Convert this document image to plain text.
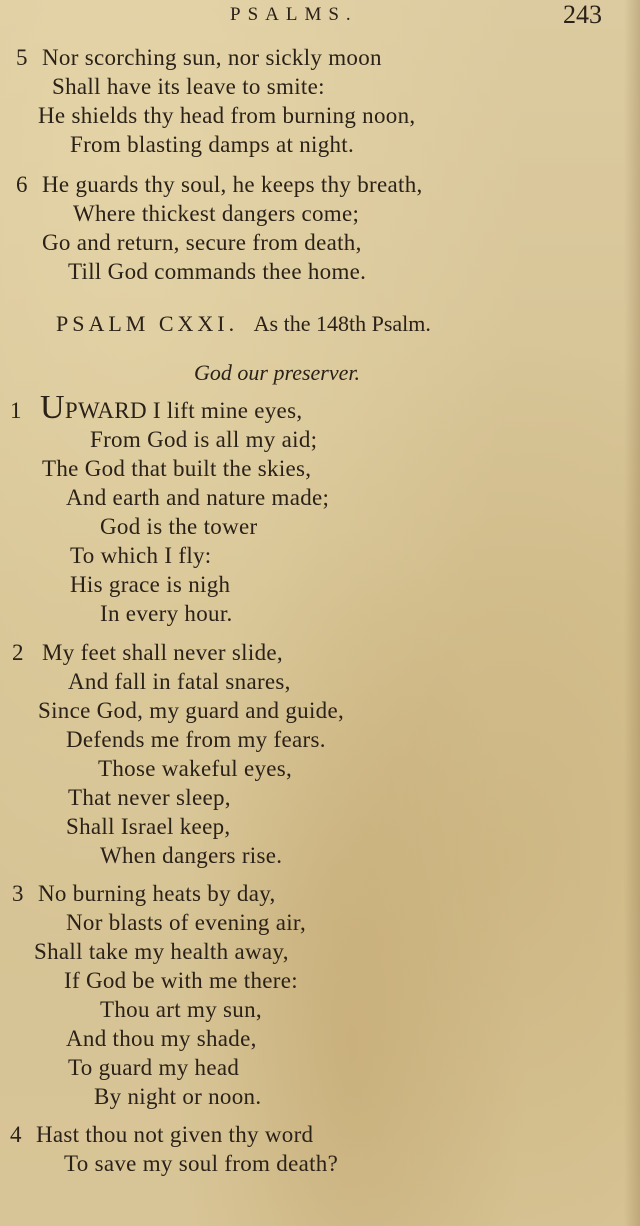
PSALMS.	243
5 Nor scorching sun, nor sickly moon
Shall have its leave to smite:
He shields thy head from burning noon,
From blasting damps at night.
6 He guards thy soul, he keeps thy breath,
Where thickest dangers come;
Go and return, secure from death,
Till God commands thee home.
PSALM CXXI. As the 148th Psalm.
God our preserver.
1 UPWARD I lift mine eyes,
From God is all my aid;
The God that built the skies,
And earth and nature made;
God is the tower
To which I fly:
His grace is nigh
In every hour.
2 My feet shall never slide,
And fall in fatal snares,
Since God, my guard and guide,
Defends me from my fears.
Those wakeful eyes,
That never sleep,
Shall Israel keep,
When dangers rise.
3 No burning heats by day,
Nor blasts of evening air,
Shall take my health away,
If God be with me there:
Thou art my sun,
And thou my shade,
To guard my head
By night or noon.
4 Hast thou not given thy word
To save my soul from death?
